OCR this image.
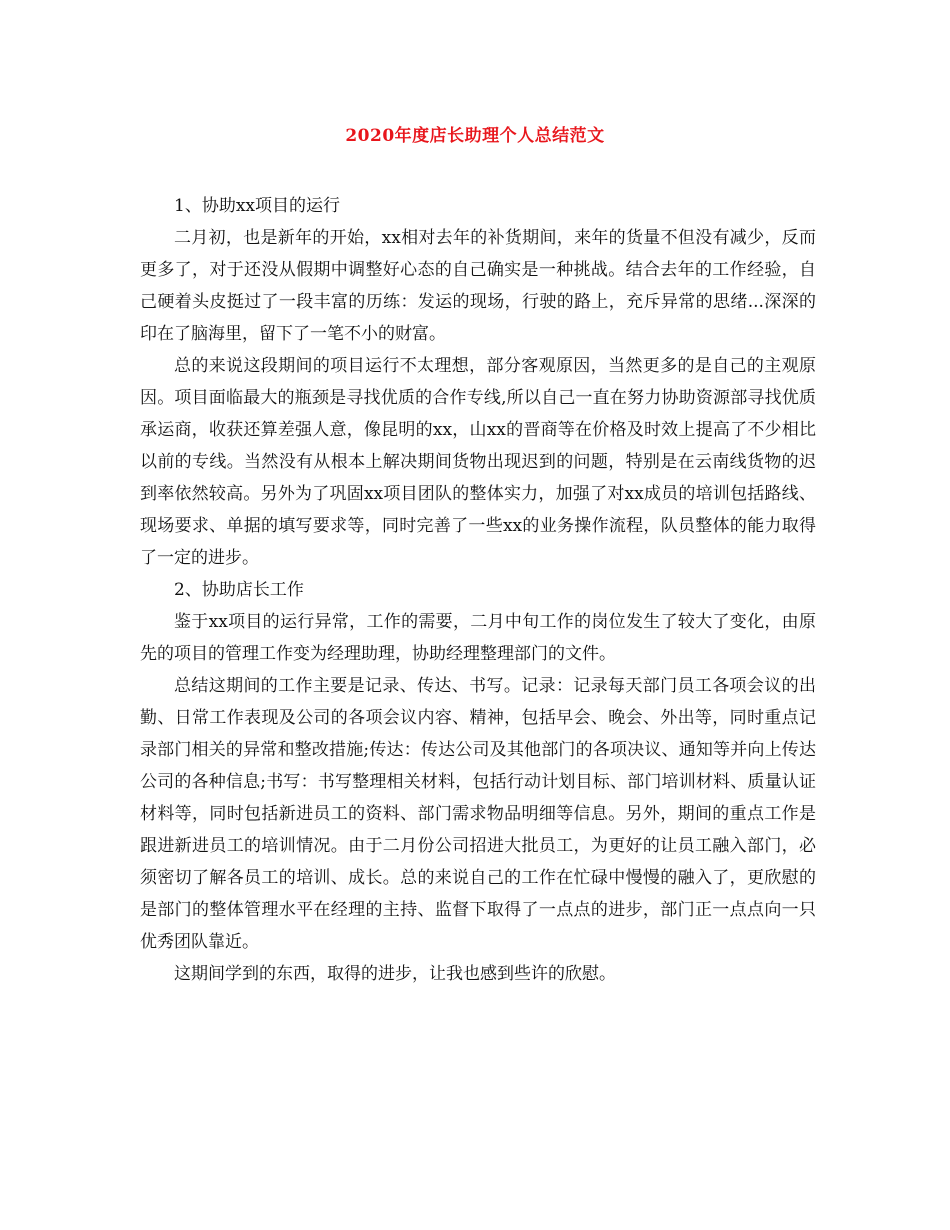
2020年度店长助理个人总结范文

1、协助xx项目的运行

二月初，也是新年的开始，xx相对去年的补货期间，来年的货量不但没有减少，反而更多了，对于还没从假期中调整好心态的自己确实是一种挑战。结合去年的工作经验，自己硬着头皮挺过了一段丰富的历练：发运的现场，行驶的路上，充斥异常的思绪...深深的印在了脑海里，留下了一笔不小的财富。

总的来说这段期间的项目运行不太理想，部分客观原因，当然更多的是自己的主观原因。项目面临最大的瓶颈是寻找优质的合作专线,所以自己一直在努力协助资源部寻找优质承运商，收获还算差强人意，像昆明的xx，山xx的晋商等在价格及时效上提高了不少相比以前的专线。当然没有从根本上解决期间货物出现迟到的问题，特别是在云南线货物的迟到率依然较高。另外为了巩固xx项目团队的整体实力，加强了对xx成员的培训包括路线、现场要求、单据的填写要求等，同时完善了一些xx的业务操作流程，队员整体的能力取得了一定的进步。

2、协助店长工作

鉴于xx项目的运行异常，工作的需要，二月中旬工作的岗位发生了较大了变化，由原先的项目的管理工作变为经理助理，协助经理整理部门的文件。

总结这期间的工作主要是记录、传达、书写。记录：记录每天部门员工各项会议的出勤、日常工作表现及公司的各项会议内容、精神，包括早会、晚会、外出等，同时重点记录部门相关的异常和整改措施;传达：传达公司及其他部门的各项决议、通知等并向上传达公司的各种信息;书写：书写整理相关材料，包括行动计划目标、部门培训材料、质量认证材料等，同时包括新进员工的资料、部门需求物品明细等信息。另外，期间的重点工作是跟进新进员工的培训情况。由于二月份公司招进大批员工，为更好的让员工融入部门，必须密切了解各员工的培训、成长。总的来说自己的工作在忙碌中慢慢的融入了，更欣慰的是部门的整体管理水平在经理的主持、监督下取得了一点点的进步，部门正一点点向一只优秀团队靠近。

这期间学到的东西，取得的进步，让我也感到些许的欣慰。
